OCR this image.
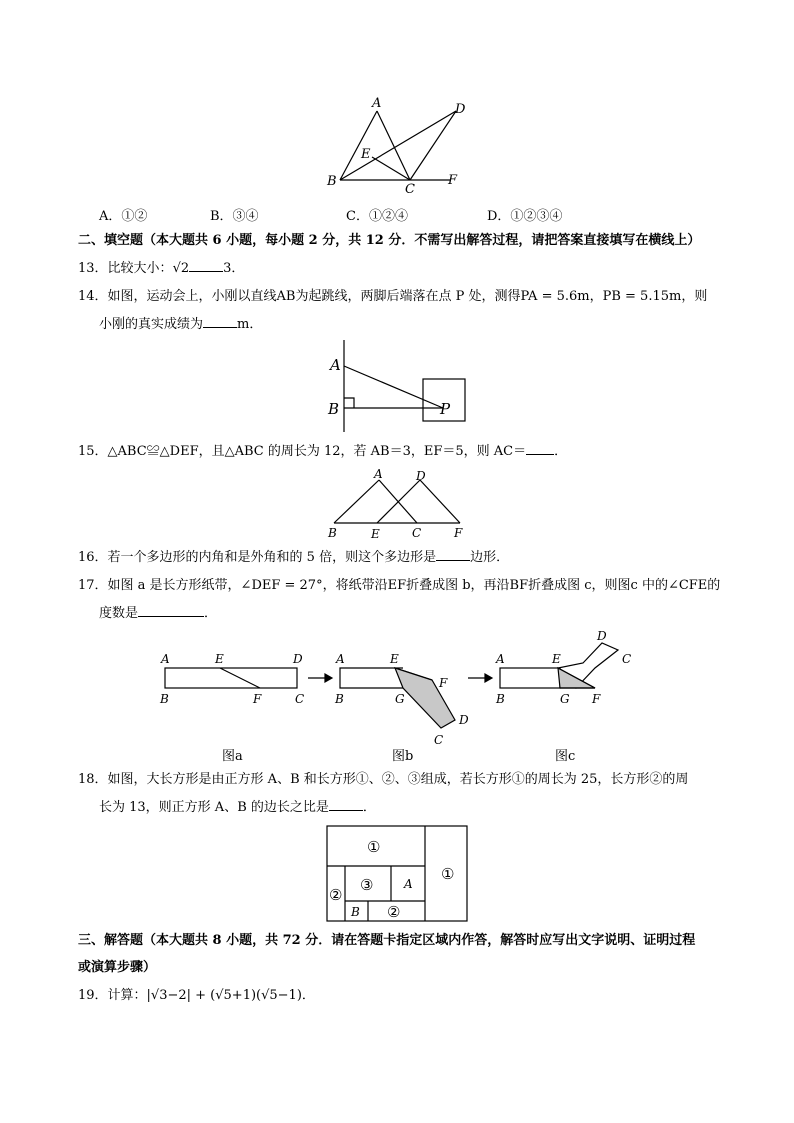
A	D
E
B
C
F
A．①②	B．③④	C．①②④	D．①②③④
二、填空题（本大题共 6 小题，每小题 2 分，共 12 分．不需写出解答过程，请把答案直接填写在横线上）
13．比较大小：√2	3．
14．如图，运动会上，小刚以直线AB为起跳线，两脚后端落在点 P 处，测得PA = 5.6m，PB = 5.15m，则
小刚的真实成绩为	m．
A
B	P
15．△ABC≌△DEF，且△ABC 的周长为 12，若 AB＝3，EF＝5，则 AC＝ ．
A	D
B	E	C	F
16．若一个多边形的内角和是外角和的 5 倍，则这个多边形是	边形．
17．如图 a 是长方形纸带，∠DEF = 27°，将纸带沿EF折叠成图 b，再沿BF折叠成图 c，则图c 中的∠CFE的
度数是	．
A	E	D
B	F	C
A	E
F
B	G
D
C
D
A	E	C
B	G F
图a	图b	图c
18．如图，大长方形是由正方形 A、B 和长方形①、②、③组成，若长方形①的周长为 25，长方形②的周
长为 13，则正方形 A、B 的边长之比是	．
①
①
②
③	A
B ②
三、解答题（本大题共 8 小题，共 72 分．请在答题卡指定区域内作答，解答时应写出文字说明、证明过程
或演算步骤）
19．计算：|√3−2| + (√5+1)(√5−1)．
